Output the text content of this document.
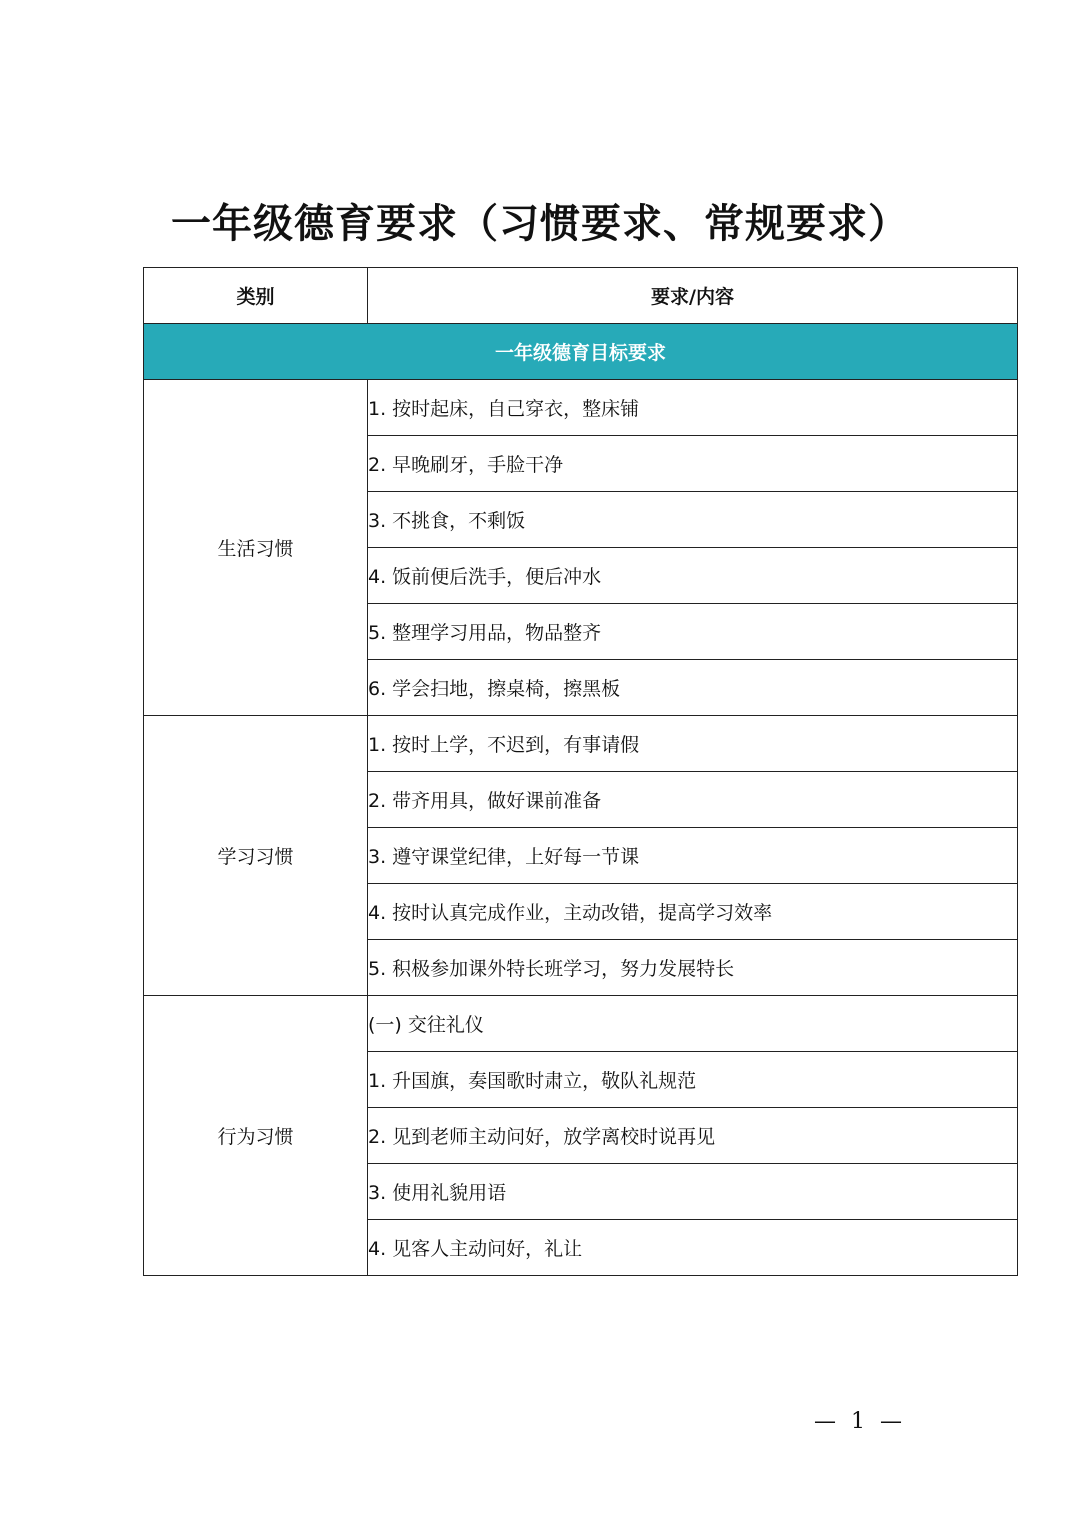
一年级德育要求（习惯要求、常规要求）
类别	要求/内容
一年级德育目标要求	
生活习惯	1. 按时起床，自己穿衣，整床铺
	2. 早晚刷牙，手脸干净
	3. 不挑食，不剩饭
	4. 饭前便后洗手，便后冲水
	5. 整理学习用品，物品整齐
	6. 学会扫地，擦桌椅，擦黑板
学习习惯	1. 按时上学，不迟到，有事请假
	2. 带齐用具，做好课前准备
	3. 遵守课堂纪律，上好每一节课
	4. 按时认真完成作业，主动改错，提高学习效率
	5. 积极参加课外特长班学习，努力发展特长
行为习惯	(一) 交往礼仪
	1. 升国旗，奏国歌时肃立，敬队礼规范
	2. 见到老师主动问好，放学离校时说再见
	3. 使用礼貌用语
	4. 见客人主动问好，礼让
— 1 —
